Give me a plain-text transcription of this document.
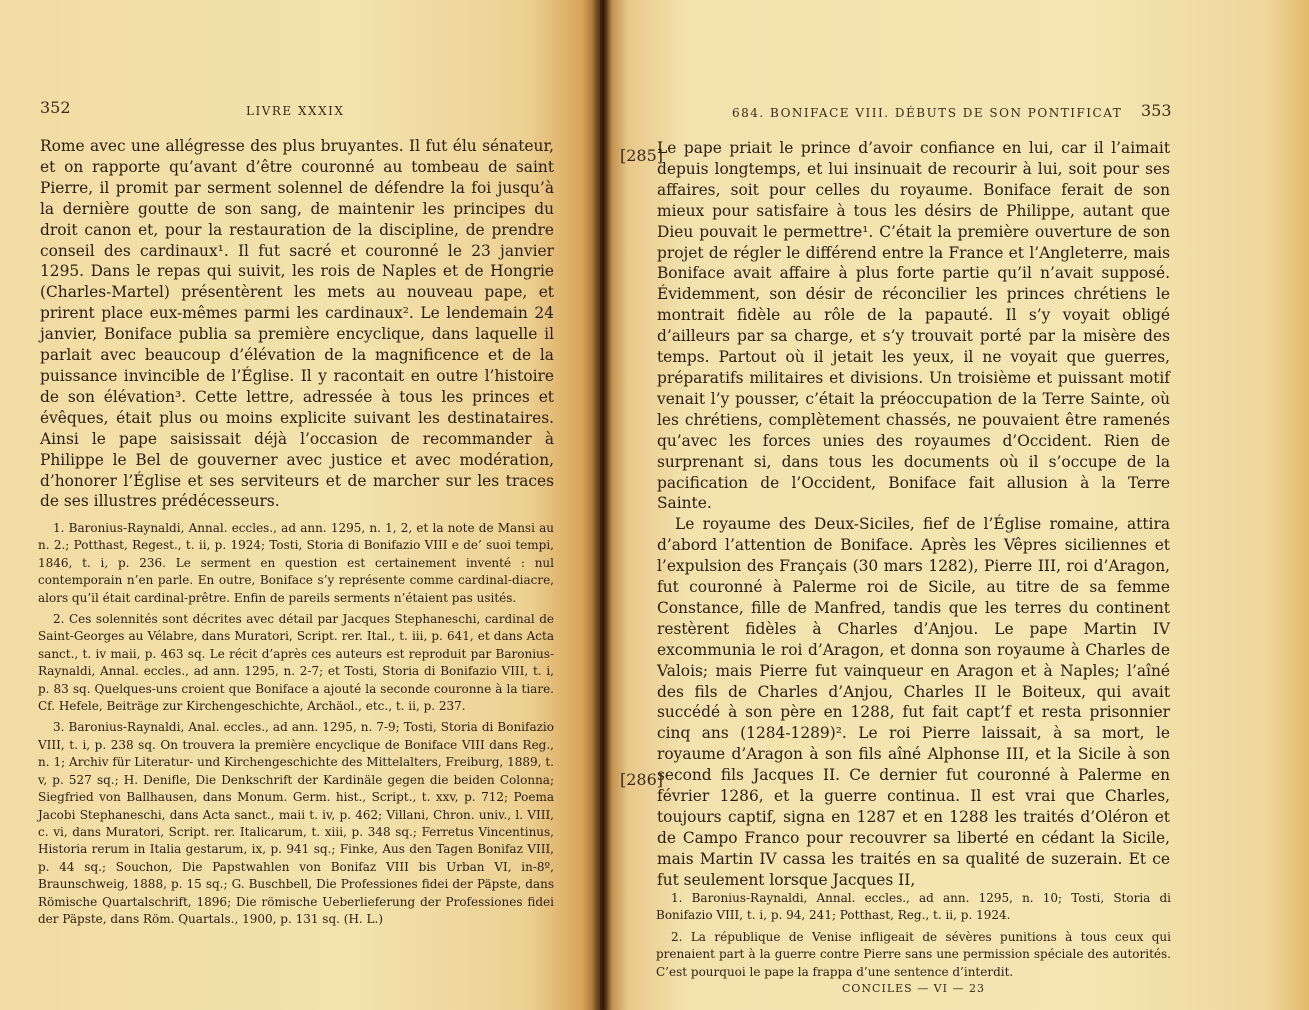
352	LIVRE XXXIX

Rome avec une allégresse des plus bruyantes. Il fut élu sénateur, et on rapporte qu’avant d’être couronné au tombeau de saint Pierre, il promit par serment solennel de défendre la foi jusqu’à la dernière goutte de son sang, de maintenir les principes du droit canon et, pour la restauration de la discipline, de prendre conseil des cardinaux¹. Il fut sacré et couronné le 23 janvier 1295. Dans le repas qui suivit, les rois de Naples et de Hongrie (Charles-Martel) présentèrent les mets au nouveau pape, et prirent place eux-mêmes parmi les cardinaux². Le lendemain 24 janvier, Boniface publia sa première encyclique, dans laquelle il parlait avec beaucoup d’élévation de la magnificence et de la puissance invincible de l’Église. Il y racontait en outre l’histoire de son élévation³. Cette lettre, adressée à tous les princes et évêques, était plus ou moins explicite suivant les destinataires. Ainsi le pape saisissait déjà l’occasion de recommander à Philippe le Bel de gouverner avec justice et avec modération, d’honorer l’Église et ses serviteurs et de marcher sur les traces de ses illustres prédécesseurs.

1. Baronius-Raynaldi, Annal. eccles., ad ann. 1295, n. 1, 2, et la note de Mansi au n. 2.; Potthast, Regest., t. ii, p. 1924; Tosti, Storia di Bonifazio VIII e de’ suoi tempi, 1846, t. i, p. 236. Le serment en question est certainement inventé : nul contemporain n’en parle. En outre, Boniface s’y représente comme cardinal-diacre, alors qu’il était cardinal-prêtre. Enfin de pareils serments n’étaient pas usités.

2. Ces solennités sont décrites avec détail par Jacques Stephaneschi, cardinal de Saint-Georges au Vélabre, dans Muratori, Script. rer. Ital., t. iii, p. 641, et dans Acta sanct., t. iv maii, p. 463 sq. Le récit d’après ces auteurs est reproduit par Baronius-Raynaldi, Annal. eccles., ad ann. 1295, n. 2-7; et Tosti, Storia di Bonifazio VIII, t. i, p. 83 sq. Quelques-uns croient que Boniface a ajouté la seconde couronne à la tiare. Cf. Hefele, Beiträge zur Kirchengeschichte, Archäol., etc., t. ii, p. 237.

3. Baronius-Raynaldi, Anal. eccles., ad ann. 1295, n. 7-9; Tosti, Storia di Bonifazio VIII, t. i, p. 238 sq. On trouvera la première encyclique de Boniface VIII dans Reg., n. 1; Archiv für Literatur- und Kirchengeschichte des Mittelalters, Freiburg, 1889, t. v, p. 527 sq.; H. Denifle, Die Denkschrift der Kardinäle gegen die beiden Colonna; Siegfried von Ballhausen, dans Monum. Germ. hist., Script., t. xxv, p. 712; Poema Jacobi Stephaneschi, dans Acta sanct., maii t. iv, p. 462; Villani, Chron. univ., l. VIII, c. vi, dans Muratori, Script. rer. Italicarum, t. xiii, p. 348 sq.; Ferretus Vincentinus, Historia rerum in Italia gestarum, ix, p. 941 sq.; Finke, Aus den Tagen Bonifaz VIII, p. 44 sq.; Souchon, Die Papstwahlen von Bonifaz VIII bis Urban VI, in-8º, Braunschweig, 1888, p. 15 sq.; G. Buschbell, Die Professiones fidei der Päpste, dans Römische Quartalschrift, 1896; Die römische Ueberlieferung der Professiones fidei der Päpste, dans Röm. Quartals., 1900, p. 131 sq. (H. L.)

684. BONIFACE VIII. DÉBUTS DE SON PONTIFICAT 353
[285]
[286]

Le pape priait le prince d’avoir confiance en lui, car il l’aimait depuis longtemps, et lui insinuait de recourir à lui, soit pour ses affaires, soit pour celles du royaume. Boniface ferait de son mieux pour satisfaire à tous les désirs de Philippe, autant que Dieu pouvait le permettre¹. C’était la première ouverture de son projet de régler le différend entre la France et l’Angleterre, mais Boniface avait affaire à plus forte partie qu’il n’avait supposé. Évidemment, son désir de réconcilier les princes chrétiens le montrait fidèle au rôle de la papauté. Il s’y voyait obligé d’ailleurs par sa charge, et s’y trouvait porté par la misère des temps. Partout où il jetait les yeux, il ne voyait que guerres, préparatifs militaires et divisions. Un troisième et puissant motif venait l’y pousser, c’était la préoccupation de la Terre Sainte, où les chrétiens, complètement chassés, ne pouvaient être ramenés qu’avec les forces unies des royaumes d’Occident. Rien de surprenant si, dans tous les documents où il s’occupe de la pacification de l’Occident, Boniface fait allusion à la Terre Sainte.

Le royaume des Deux-Siciles, fief de l’Église romaine, attira d’abord l’attention de Boniface. Après les Vêpres siciliennes et l’expulsion des Français (30 mars 1282), Pierre III, roi d’Aragon, fut couronné à Palerme roi de Sicile, au titre de sa femme Constance, fille de Manfred, tandis que les terres du continent restèrent fidèles à Charles d’Anjou. Le pape Martin IV excommunia le roi d’Aragon, et donna son royaume à Charles de Valois; mais Pierre fut vainqueur en Aragon et à Naples; l’aîné des fils de Charles d’Anjou, Charles II le Boiteux, qui avait succédé à son père en 1288, fut fait capt’f et resta prisonnier cinq ans (1284-1289)². Le roi Pierre laissait, à sa mort, le royaume d’Aragon à son fils aîné Alphonse III, et la Sicile à son second fils Jacques II. Ce dernier fut couronné à Palerme en février 1286, et la guerre continua. Il est vrai que Charles, toujours captif, signa en 1287 et en 1288 les traités d’Oléron et de Campo Franco pour recouvrer sa liberté en cédant la Sicile, mais Martin IV cassa les traités en sa qualité de suzerain. Et ce fut seulement lorsque Jacques II,

1. Baronius-Raynaldi, Annal. eccles., ad ann. 1295, n. 10; Tosti, Storia di Bonifazio VIII, t. i, p. 94, 241; Potthast, Reg., t. ii, p. 1924.

2. La république de Venise infligeait de sévères punitions à tous ceux qui prenaient part à la guerre contre Pierre sans une permission spéciale des autorités. C’est pourquoi le pape la frappa d’une sentence d’interdit.

CONCILES — VI — 23
